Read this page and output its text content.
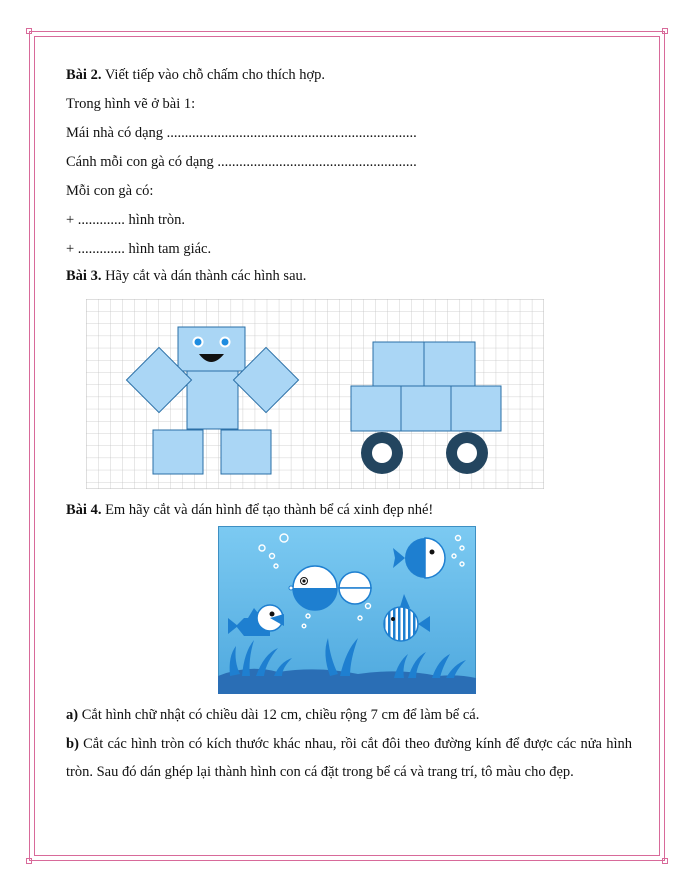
Bài 2. Viết tiếp vào chỗ chấm cho thích hợp.
Trong hình vẽ ở bài 1:
Mái nhà có dạng .....................................................................
Cánh mỗi con gà có dạng .......................................................
Mỗi con gà có:
+ ............. hình tròn.
+ ............. hình tam giác.
Bài 3. Hãy cắt và dán thành các hình sau.
Bài 4. Em hãy cắt và dán hình để tạo thành bể cá xinh đẹp nhé!
a) Cắt hình chữ nhật có chiều dài 12 cm, chiều rộng 7 cm để làm bể cá.
b) Cắt các hình tròn có kích thước khác nhau, rồi cắt đôi theo đường kính để được các nửa hình tròn. Sau đó dán ghép lại thành hình con cá đặt trong bể cá và trang trí, tô màu cho đẹp.
